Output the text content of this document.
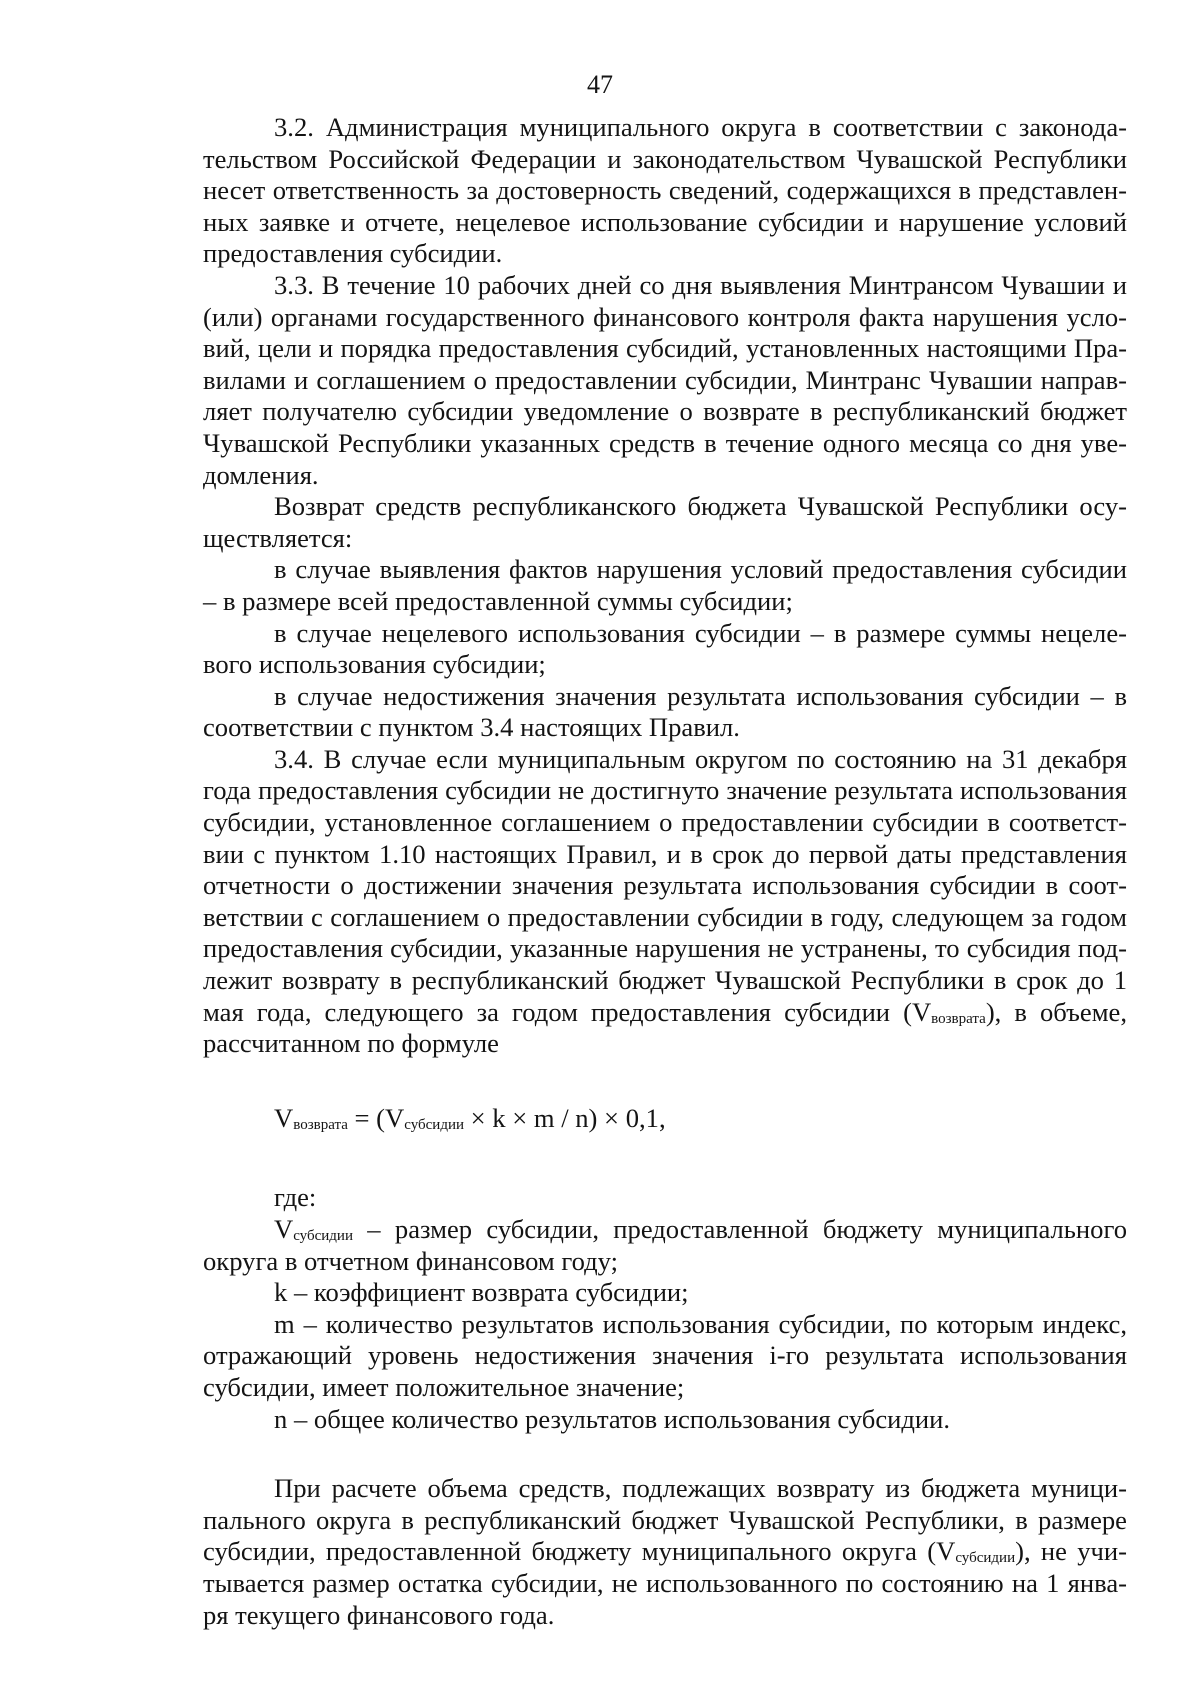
47

3.2. Администрация муниципального округа в соответствии с законодательством Российской Федерации и законодательством Чувашской Республики несет ответственность за достоверность сведений, содержащихся в представленных заявке и отчете, нецелевое использование субсидии и нарушение условий предоставления субсидии.

3.3. В течение 10 рабочих дней со дня выявления Минтрансом Чувашии и (или) органами государственного финансового контроля факта нарушения условий, цели и порядка предоставления субсидий, установленных настоящими Правилами и соглашением о предоставлении субсидии, Минтранс Чувашии направляет получателю субсидии уведомление о возврате в республиканский бюджет Чувашской Республики указанных средств в течение одного месяца со дня уведомления.

Возврат средств республиканского бюджета Чувашской Республики осуществляется:

в случае выявления фактов нарушения условий предоставления субсидии – в размере всей предоставленной суммы субсидии;

в случае нецелевого использования субсидии – в размере суммы нецелевого использования субсидии;

в случае недостижения значения результата использования субсидии – в соответствии с пунктом 3.4 настоящих Правил.

3.4. В случае если муниципальным округом по состоянию на 31 декабря года предоставления субсидии не достигнуто значение результата использования субсидии, установленное соглашением о предоставлении субсидии в соответствии с пунктом 1.10 настоящих Правил, и в срок до первой даты представления отчетности о достижении значения результата использования субсидии в соответствии с соглашением о предоставлении субсидии в году, следующем за годом предоставления субсидии, указанные нарушения не устранены, то субсидия подлежит возврату в республиканский бюджет Чувашской Республики в срок до 1 мая года, следующего за годом предоставления субсидии $(V_{возврата})$, в объеме, рассчитанном по формуле

$V_{возврата} = (V_{субсидии} \times k \times m / n) \times 0,1$,

где:

$V_{субсидии}$ – размер субсидии, предоставленной бюджету муниципального округа в отчетном финансовом году;

k – коэффициент возврата субсидии;

m – количество результатов использования субсидии, по которым индекс, отражающий уровень недостижения значения i-го результата использования субсидии, имеет положительное значение;

n – общее количество результатов использования субсидии.

При расчете объема средств, подлежащих возврату из бюджета муниципального округа в республиканский бюджет Чувашской Республики, в размере субсидии, предоставленной бюджету муниципального округа $(V_{субсидии})$, не учитывается размер остатка субсидии, не использованного по состоянию на 1 января текущего финансового года.
